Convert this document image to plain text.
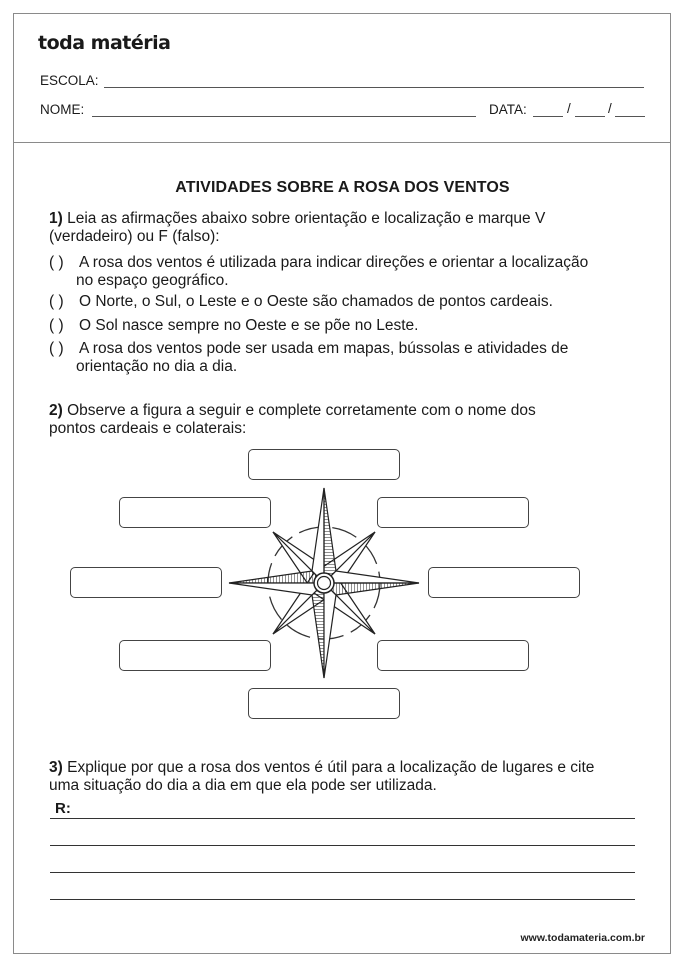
toda matéria
ESCOLA:
NOME:	DATA:	/	/
ATIVIDADES SOBRE A ROSA DOS VENTOS
1) Leia as afirmações abaixo sobre orientação e localização e marque V
(verdadeiro) ou F (falso):
( ) A rosa dos ventos é utilizada para indicar direções e orientar a localização
no espaço geográfico.
( ) O Norte, o Sul, o Leste e o Oeste são chamados de pontos cardeais.
( ) O Sol nasce sempre no Oeste e se põe no Leste.
( ) A rosa dos ventos pode ser usada em mapas, bússolas e atividades de
orientação no dia a dia.
2) Observe a figura a seguir e complete corretamente com o nome dos
pontos cardeais e colaterais:
3) Explique por que a rosa dos ventos é útil para a localização de lugares e cite
uma situação do dia a dia em que ela pode ser utilizada.
R:
www.todamateria.com.br
